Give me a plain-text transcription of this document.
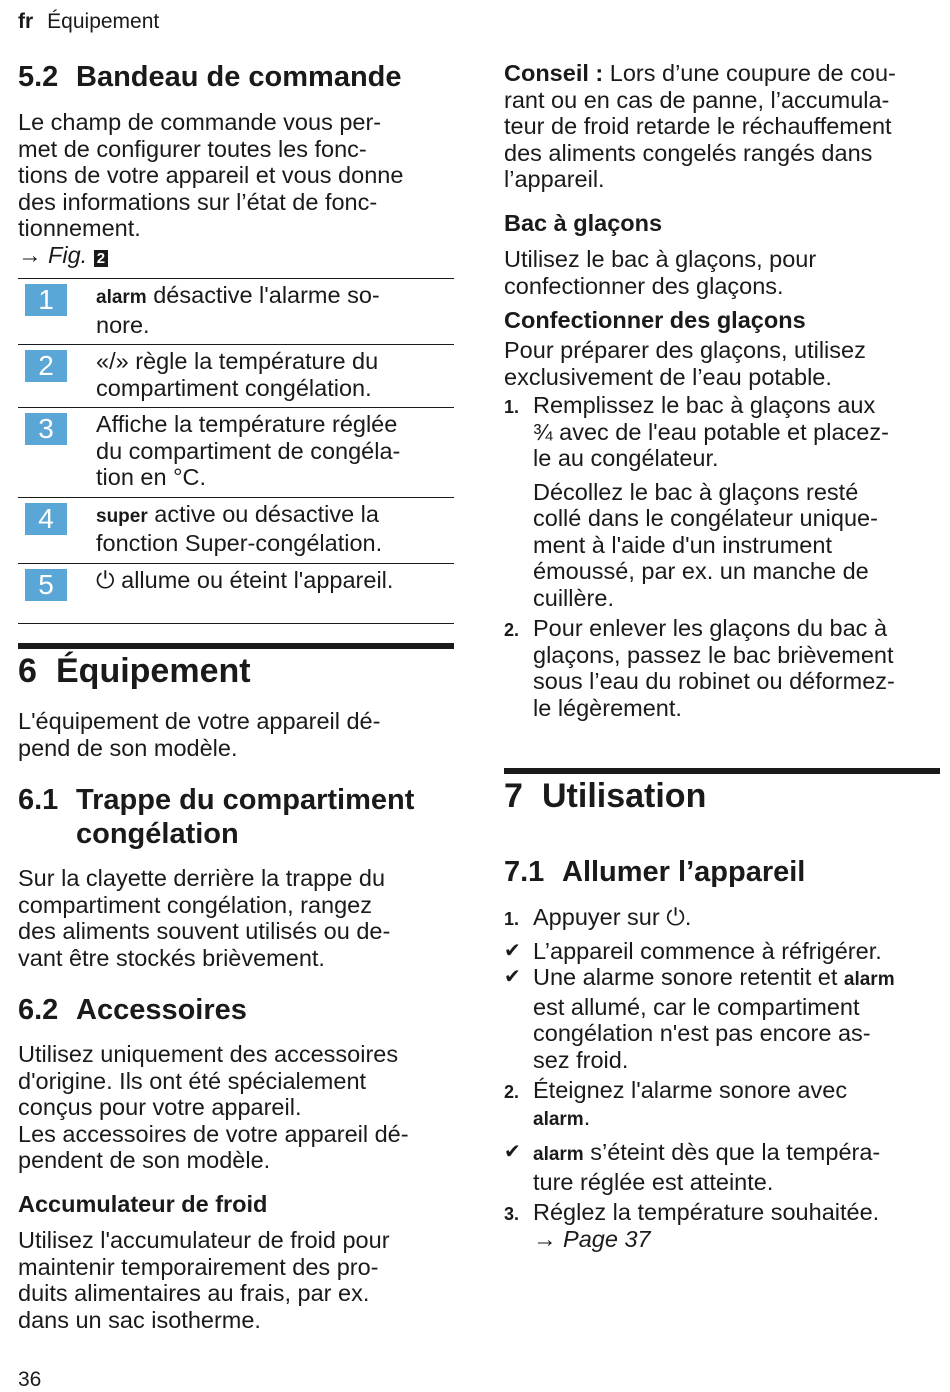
fr Équipement
5.2 Bandeau de commande

Le champ de commande vous per-

met de configurer toutes les fonc-

tions de votre appareil et vous donne

des informations sur l’état de fonc-

tionnement.

→ Fig. 2

1	alarm désactive l'alarme so-
nore.
2	«/» règle la température du
compartiment congélation.
3	Affiche la température réglée
du compartiment de congéla-
tion en °C.
4	super active ou désactive la
fonction Super-congélation.
5	⏻ allume ou éteint l'appareil.
6 Équipement

L'équipement de votre appareil dé-

pend de son modèle.

6.1 Trappe du compartiment
congélation

Sur la clayette derrière la trappe du

compartiment congélation, rangez

des aliments souvent utilisés ou de-

vant être stockés brièvement.

6.2 Accessoires

Utilisez uniquement des accessoires

d'origine. Ils ont été spécialement

conçus pour votre appareil.

Les accessoires de votre appareil dé-

pendent de son modèle.

Accumulateur de froid

Utilisez l'accumulateur de froid pour

maintenir temporairement des pro-

duits alimentaires au frais, par ex.

dans un sac isotherme.

Conseil : Lors d’une coupure de cou-

rant ou en cas de panne, l’accumula-

teur de froid retarde le réchauffement

des aliments congelés rangés dans

l’appareil.

Bac à glaçons

Utilisez le bac à glaçons, pour

confectionner des glaçons.

Confectionner des glaçons

Pour préparer des glaçons, utilisez

exclusivement de l’eau potable.

1. Remplissez le bac à glaçons aux
¾ avec de l'eau potable et placez-
le au congélateur.
Décollez le bac à glaçons resté
collé dans le congélateur unique-
ment à l'aide d'un instrument
émoussé, par ex. un manche de
cuillère.
2. Pour enlever les glaçons du bac à
glaçons, passez le bac brièvement
sous l’eau du robinet ou déformez-
le légèrement.
7 Utilisation
7.1 Allumer l’appareil
1. Appuyer sur ⏻.
✔ L’appareil commence à réfrigérer.
✔ Une alarme sonore retentit et alarm
est allumé, car le compartiment
congélation n'est pas encore as-
sez froid.
2. Éteignez l'alarme sonore avec
alarm.
✔ alarm s’éteint dès que la tempéra-
ture réglée est atteinte.
3. Réglez la température souhaitée.
→ Page 37
36
